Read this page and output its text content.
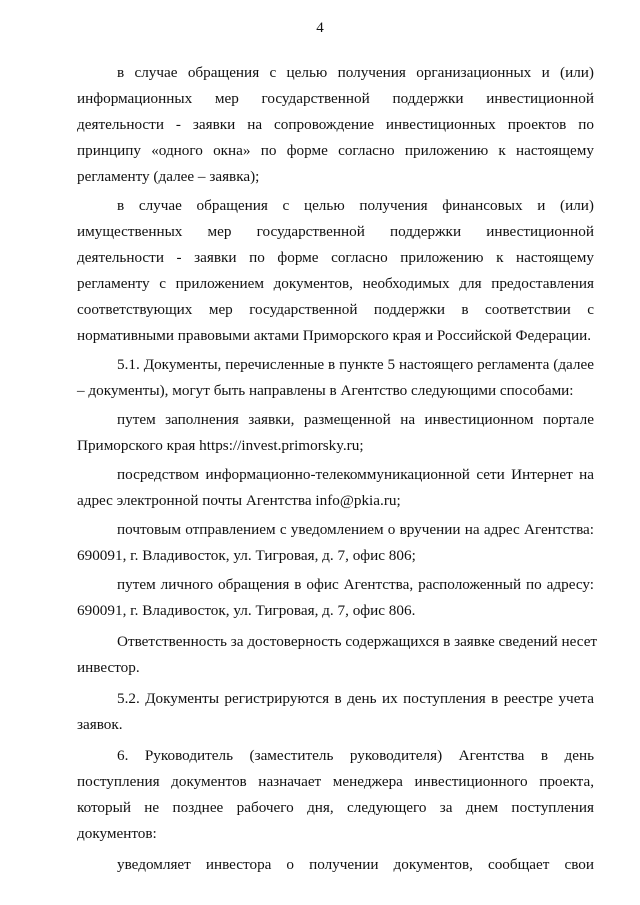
4
в случае обращения с целью получения организационных и (или)
информационных мер государственной поддержки инвестиционной
деятельности - заявки на сопровождение инвестиционных проектов по
принципу «одного окна» по форме согласно приложению к настоящему
регламенту (далее – заявка);
в случае обращения с целью получения финансовых и (или)
имущественных мер государственной поддержки инвестиционной
деятельности - заявки по форме согласно приложению к настоящему
регламенту с приложением документов, необходимых для предоставления
соответствующих мер государственной поддержки в соответствии с
нормативными правовыми актами Приморского края и Российской Федерации.
5.1. Документы, перечисленные в пункте 5 настоящего регламента (далее
– документы), могут быть направлены в Агентство следующими способами:
путем заполнения заявки, размещенной на инвестиционном портале
Приморского края https://invest.primorsky.ru;
посредством информационно-телекоммуникационной сети Интернет на
адрес электронной почты Агентства info@pkia.ru;
почтовым отправлением с уведомлением о вручении на адрес Агентства:
690091, г. Владивосток, ул. Тигровая, д. 7, офис 806;
путем личного обращения в офис Агентства, расположенный по адресу:
690091, г. Владивосток, ул. Тигровая, д. 7, офис 806.
Ответственность за достоверность содержащихся в заявке сведений несет
инвестор.
5.2. Документы регистрируются в день их поступления в реестре учета
заявок.
6. Руководитель (заместитель руководителя) Агентства в день
поступления документов назначает менеджера инвестиционного проекта,
который не позднее рабочего дня, следующего за днем поступления
документов:
уведомляет инвестора о получении документов, сообщает свои
